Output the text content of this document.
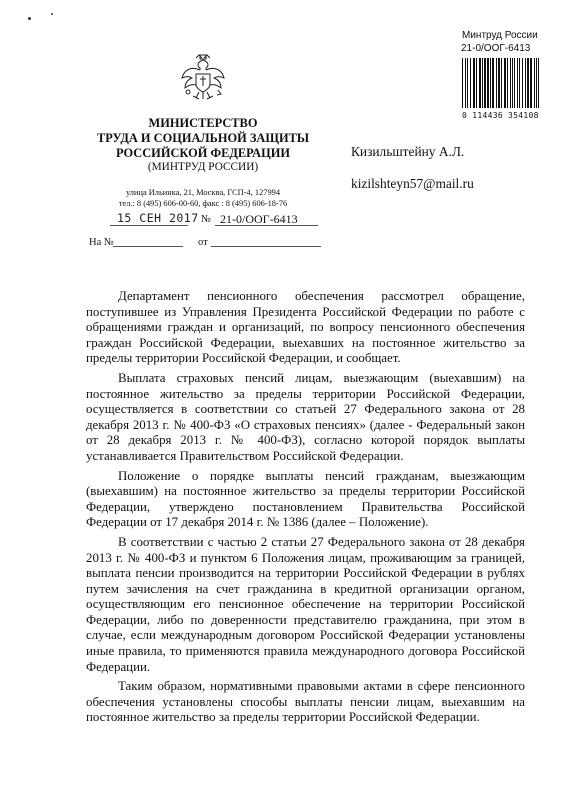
МИНИСТЕРСТВО
ТРУДА И СОЦИАЛЬНОЙ ЗАЩИТЫ
РОССИЙСКОЙ ФЕДЕРАЦИИ
(МИНТРУД РОССИИ)
улица Ильинка, 21, Москва, ГСП-4, 127994
тел.: 8 (495) 606-00-60, факс : 8 (495) 606-18-76
15 СЕН 2017 № 21-0/ООГ-6413
На №	от
Минтруд России
21-0/ООГ-6413
0 114436 354108
Кизильштейну А.Л.
kizilshteyn57@mail.ru

Департамент пенсионного обеспечения рассмотрел обращение, поступившее из Управления Президента Российской Федерации по работе с обращениями граждан и организаций, по вопросу пенсионного обеспечения граждан Российской Федерации, выехавших на постоянное жительство за пределы территории Российской Федерации, и сообщает.

Выплата страховых пенсий лицам, выезжающим (выехавшим) на постоянное жительство за пределы территории Российской Федерации, осуществляется в соответствии со статьей 27 Федерального закона от 28 декабря 2013 г. № 400-ФЗ «О страховых пенсиях» (далее - Федеральный закон от 28 декабря 2013 г. № 400-ФЗ), согласно которой порядок выплаты устанавливается Правительством Российской Федерации.

Положение о порядке выплаты пенсий гражданам, выезжающим (выехавшим) на постоянное жительство за пределы территории Российской Федерации, утверждено постановлением Правительства Российской Федерации от 17 декабря 2014 г. № 1386 (далее – Положение).

В соответствии с частью 2 статьи 27 Федерального закона от 28 декабря 2013 г. № 400-ФЗ и пунктом 6 Положения лицам, проживающим за границей, выплата пенсии производится на территории Российской Федерации в рублях путем зачисления на счет гражданина в кредитной организации органом, осуществляющим его пенсионное обеспечение на территории Российской Федерации, либо по доверенности представителю гражданина, при этом в случае, если международным договором Российской Федерации установлены иные правила, то применяются правила международного договора Российской Федерации.

Таким образом, нормативными правовыми актами в сфере пенсионного обеспечения установлены способы выплаты пенсии лицам, выехавшим на постоянное жительство за пределы территории Российской Федерации.
